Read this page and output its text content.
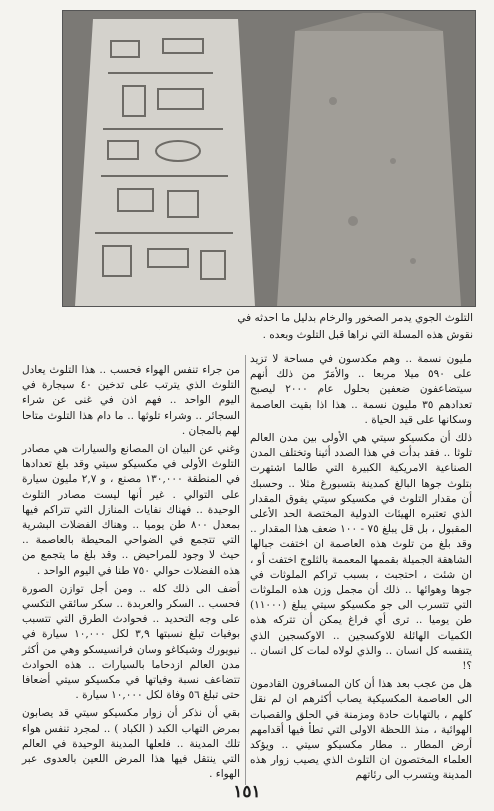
التلوث الجوي يدمر الصخور والرخام بدليل ما احدثه في نقوش هذه المسلة التي نراها قبل التلوث وبعده .

مليون نسمة .. وهم مكدسون في مساحة لا تزيد على ٥٩٠ ميلا مربعا .. والأمَرّ من ذلك أنهم سيتضاعفون ضعفين بحلول عام ٢٠٠٠ ليصبح تعدادهم ٣٥ مليون نسمة .. هذا اذا بقيت العاصمة وسكانها على قيد الحياة .

ذلك أن مكسيكو سيتي هي الأولى بين مدن العالم تلوثا .. فقد بدأت في هذا الصدد أثينا وتختلف المدن الصناعية الامريكية الكبيرة التي طالما اشتهرت بتلوث جوها البالغ كمدينة بتسبورغ مثلا .. وحسبك أن مقدار التلوث في مكسيكو سيتي يفوق المقدار الذي تعتبره الهيئات الدولية المختصة الحد الأعلى المقبول ، بل قل يبلغ ٧٥ - ١٠٠ ضعف هذا المقدار .. وقد بلغ من تلوث هذه العاصمة ان اختفت جبالها الشاهقة الجميلة بقممها المعممة بالثلوج اختفت أو ، ان شئت ، احتجبت ، بسبب تراكم الملوثات في جوها وهوائها .. ذلك أن مجمل وزن هذه الملوثات التي تتسرب الى جو مكسيكو سيتي يبلغ (١١٠٠٠) طن يوميا .. ترى أي فراغ يمكن أن تتركه هذه الكميات الهائلة للاوكسجين .. الاوكسجين الذي يتنفسه كل انسان .. والذي لولاه لمات كل انسان .. ؟!

هل من عجب بعد هذا أن كان المسافرون القادمون الى العاصمة المكسيكية يصاب أكثرهم ان لم نقل كلهم ، بالتهابات حادة ومزمنة في الحلق والقصبات الهوائية ، منذ اللحظة الاولى التي تطأ فيها أقدامهم أرض المطار .. مطار مكسيكو سيتي .. ويؤكد العلماء المختصون ان التلوث الذي يصيب زوار هذه المدينة ويتسرب الى رئاتهم

من جراء تنفس الهواء فحسب .. هذا التلوث يعادل التلوث الذي يترتب على تدخين ٤٠ سيجارة في اليوم الواحد .. فهم اذن في غنى عن شراء السجائر .. وشراء تلوثها .. ما دام هذا التلوث متاحا لهم بالمجان .

وغني عن البيان ان المصانع والسيارات هي مصادر التلوث الأولى في مكسيكو سيتي وقد بلغ تعدادها في المنطقة ١٣٠,٠٠٠ مصنع ، و ٢,٧ مليون سيارة على التوالي . غير أنها ليست مصادر التلوث الوحيدة .. فهناك نفايات المنازل التي تتراكم فيها بمعدل ٨٠٠ طن يوميا .. وهناك الفضلات البشرية التي تتجمع في الضواحي المحيطة بالعاصمة .. حيث لا وجود للمراحيض .. وقد بلغ ما يتجمع من هذه الفضلات حوالي ٧٥٠ طنا في اليوم الواحد .

أضف الى ذلك كله .. ومن أجل توازن الصورة فحسب .. السكر والعربدة .. سكر سائقي التكسي على وجه التحديد .. فحوادث الطرق التي تتسبب بوفيات تبلغ نسبتها ٣,٩ لكل ١٠,٠٠٠ سيارة في نيويورك وشيكاغو وسان فرانسيسكو وهي من أكثر مدن العالم ازدحاما بالسيارات .. هذه الحوادث تتضاعف نسبة وفياتها في مكسيكو سيتي أضعافا حتى تبلغ ٥٦ وفاة لكل ١٠,٠٠٠ سيارة .

بقي أن نذكر أن زوار مكسيكو سيتي قد يصابون بمرض التهاب الكبد ( الكباد ) .. لمجرد تنفس هواء تلك المدينة .. فلعلها المدينة الوحيدة في العالم التي ينتقل فيها هذا المرض اللعين بالعدوى عبر الهواء .

١٥١
